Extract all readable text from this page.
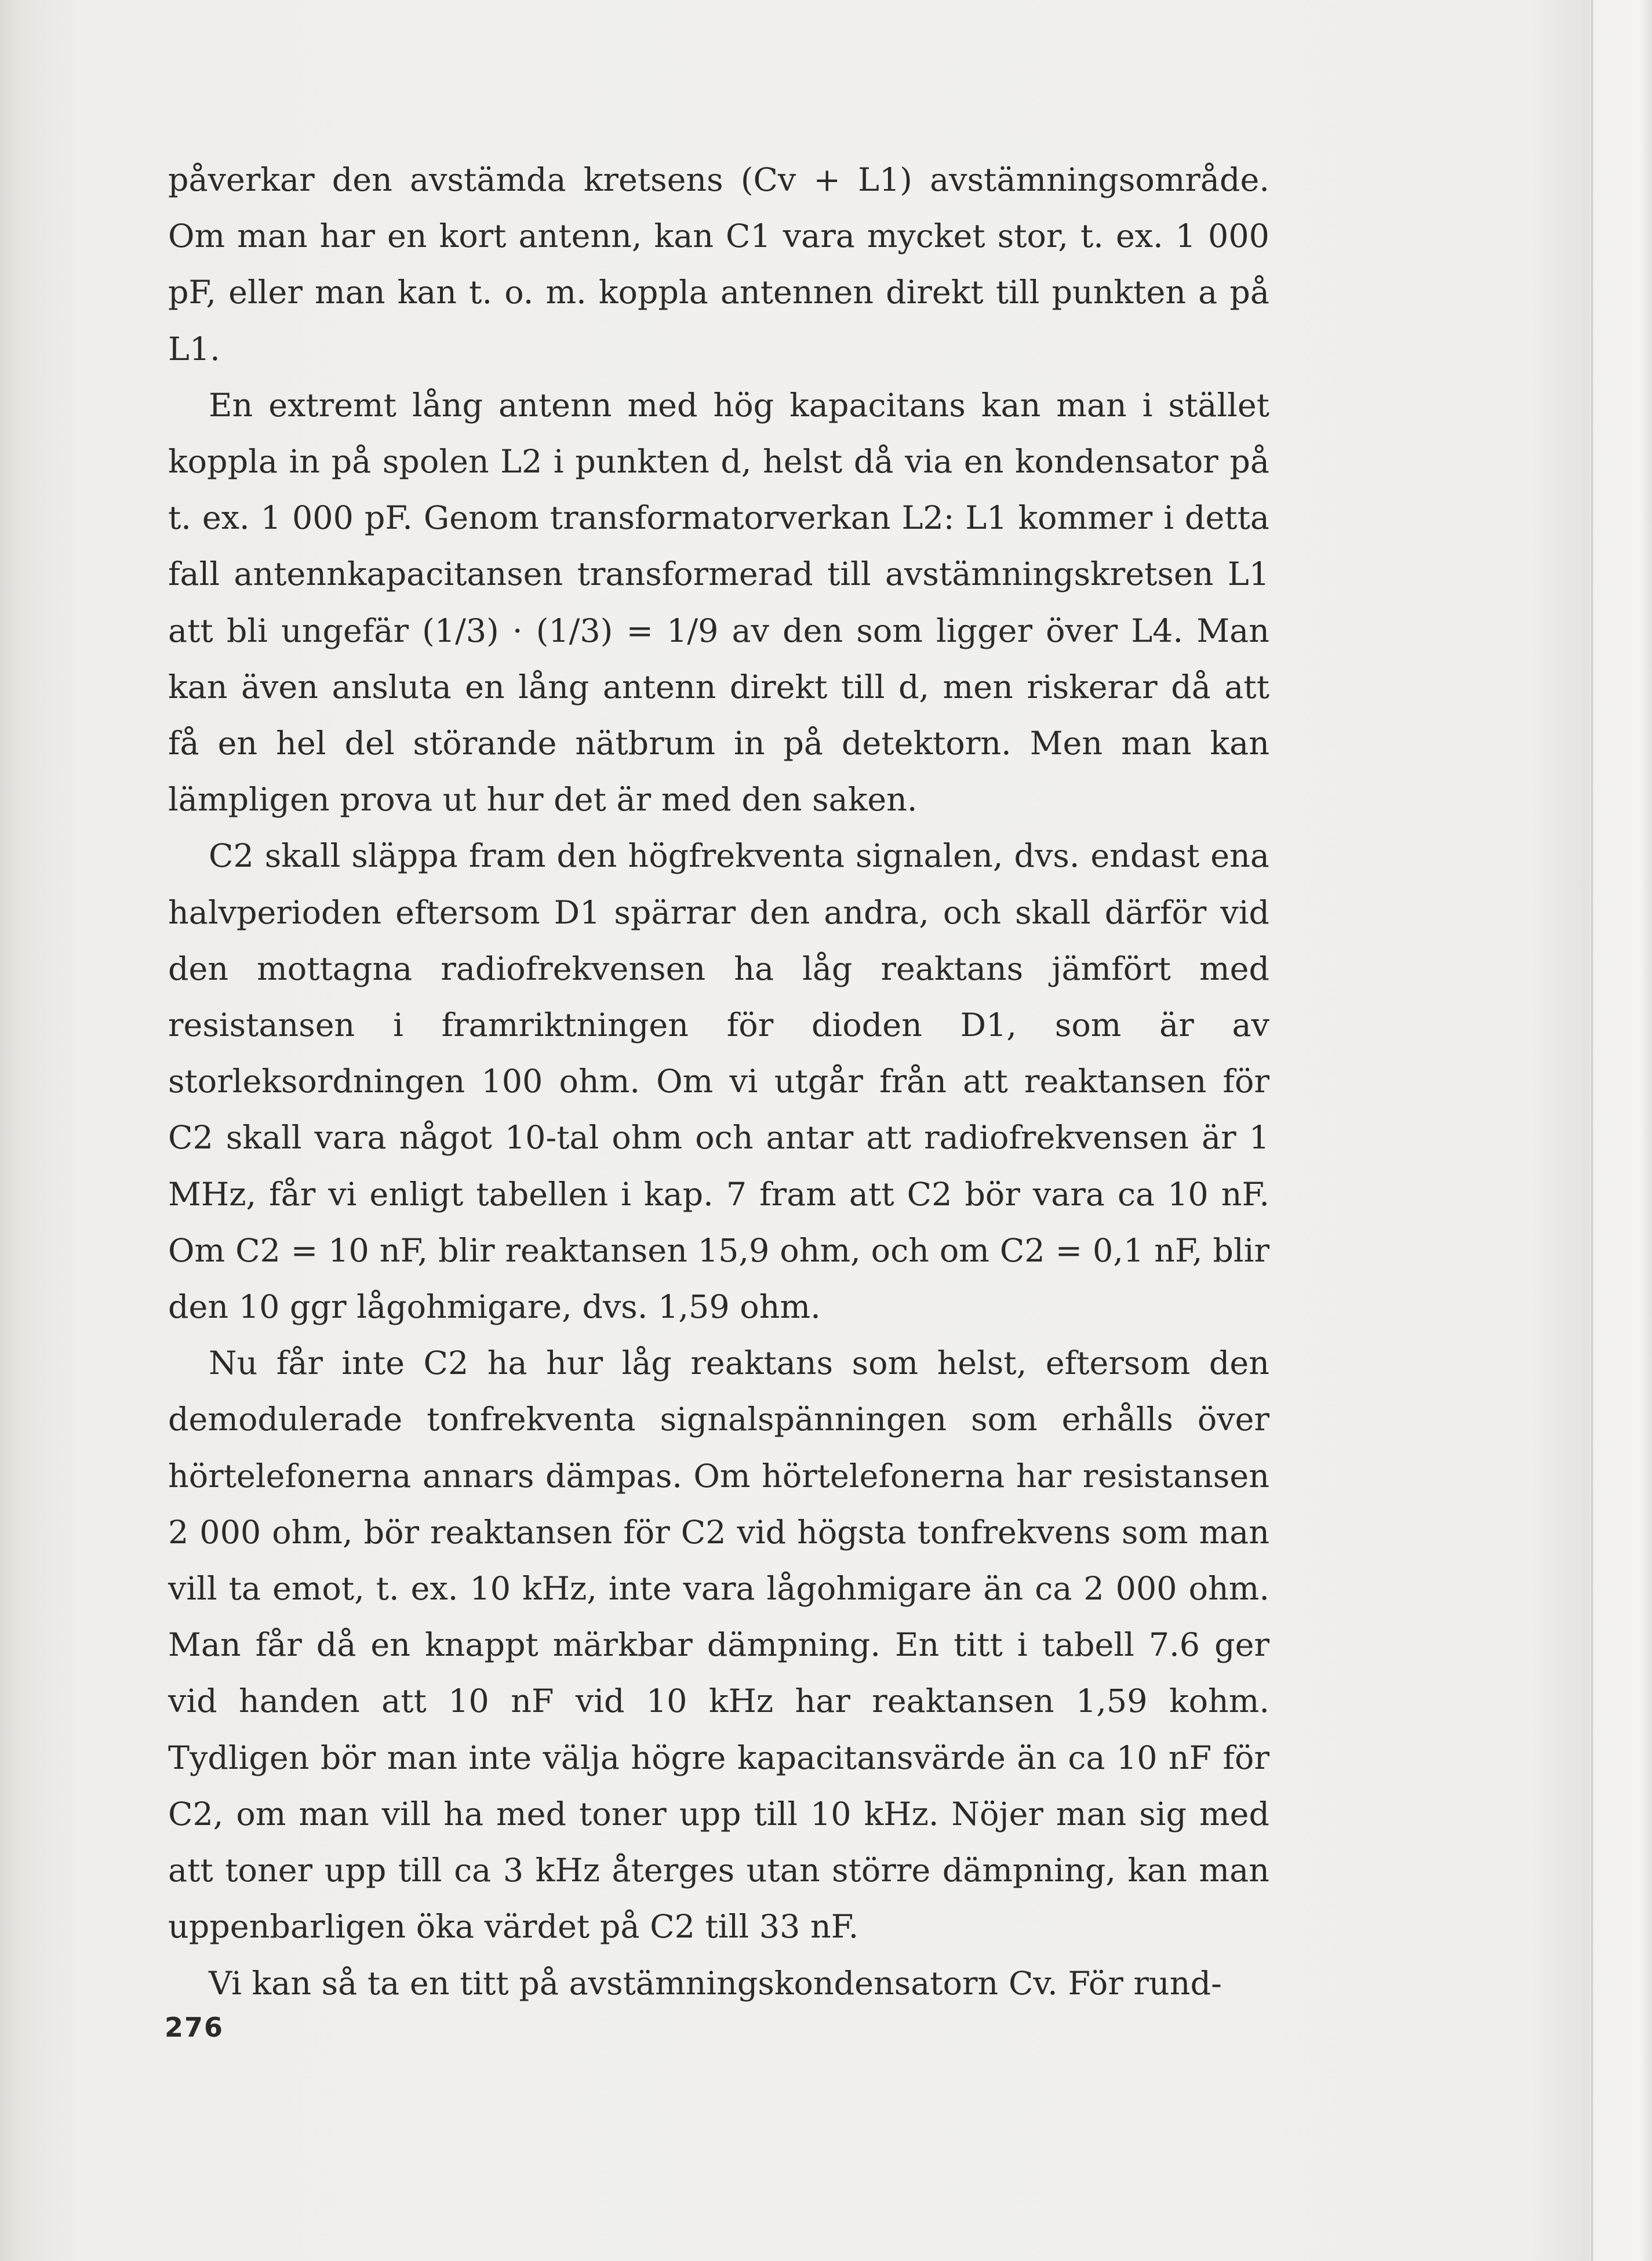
påverkar den avstämda kretsens (Cv + L1) avstämningsområde. Om man har en kort antenn, kan C1 vara mycket stor, t. ex. 1 000 pF, eller man kan t. o. m. koppla antennen direkt till punkten a på L1.

En extremt lång antenn med hög kapacitans kan man i stället koppla in på spolen L2 i punkten d, helst då via en kondensator på t. ex. 1 000 pF. Genom transformatorverkan L2: L1 kommer i detta fall antennkapacitansen transformerad till avstämningskretsen L1 att bli ungefär (1/3) · (1/3) = 1/9 av den som ligger över L4. Man kan även ansluta en lång antenn direkt till d, men riskerar då att få en hel del störande nätbrum in på detektorn. Men man kan lämpligen prova ut hur det är med den saken.

C2 skall släppa fram den högfrekventa signalen, dvs. endast ena halvperioden eftersom D1 spärrar den andra, och skall därför vid den mottagna radiofrekvensen ha låg reaktans jämfört med resistansen i framriktningen för dioden D1, som är av storleksordningen 100 ohm. Om vi utgår från att reaktansen för C2 skall vara något 10-tal ohm och antar att radiofrekvensen är 1 MHz, får vi enligt tabellen i kap. 7 fram att C2 bör vara ca 10 nF. Om C2 = 10 nF, blir reaktansen 15,9 ohm, och om C2 = 0,1 nF, blir den 10 ggr lågohmigare, dvs. 1,59 ohm.

Nu får inte C2 ha hur låg reaktans som helst, eftersom den demodulerade tonfrekventa signalspänningen som erhålls över hörtelefonerna annars dämpas. Om hörtelefonerna har resistansen 2 000 ohm, bör reaktansen för C2 vid högsta tonfrekvens som man vill ta emot, t. ex. 10 kHz, inte vara lågohmigare än ca 2 000 ohm. Man får då en knappt märkbar dämpning. En titt i tabell 7.6 ger vid handen att 10 nF vid 10 kHz har reaktansen 1,59 kohm. Tydligen bör man inte välja högre kapacitansvärde än ca 10 nF för C2, om man vill ha med toner upp till 10 kHz. Nöjer man sig med att toner upp till ca 3 kHz återges utan större dämpning, kan man uppenbarligen öka värdet på C2 till 33 nF.

Vi kan så ta en titt på avstämningskondensatorn Cv. För rund-

276
